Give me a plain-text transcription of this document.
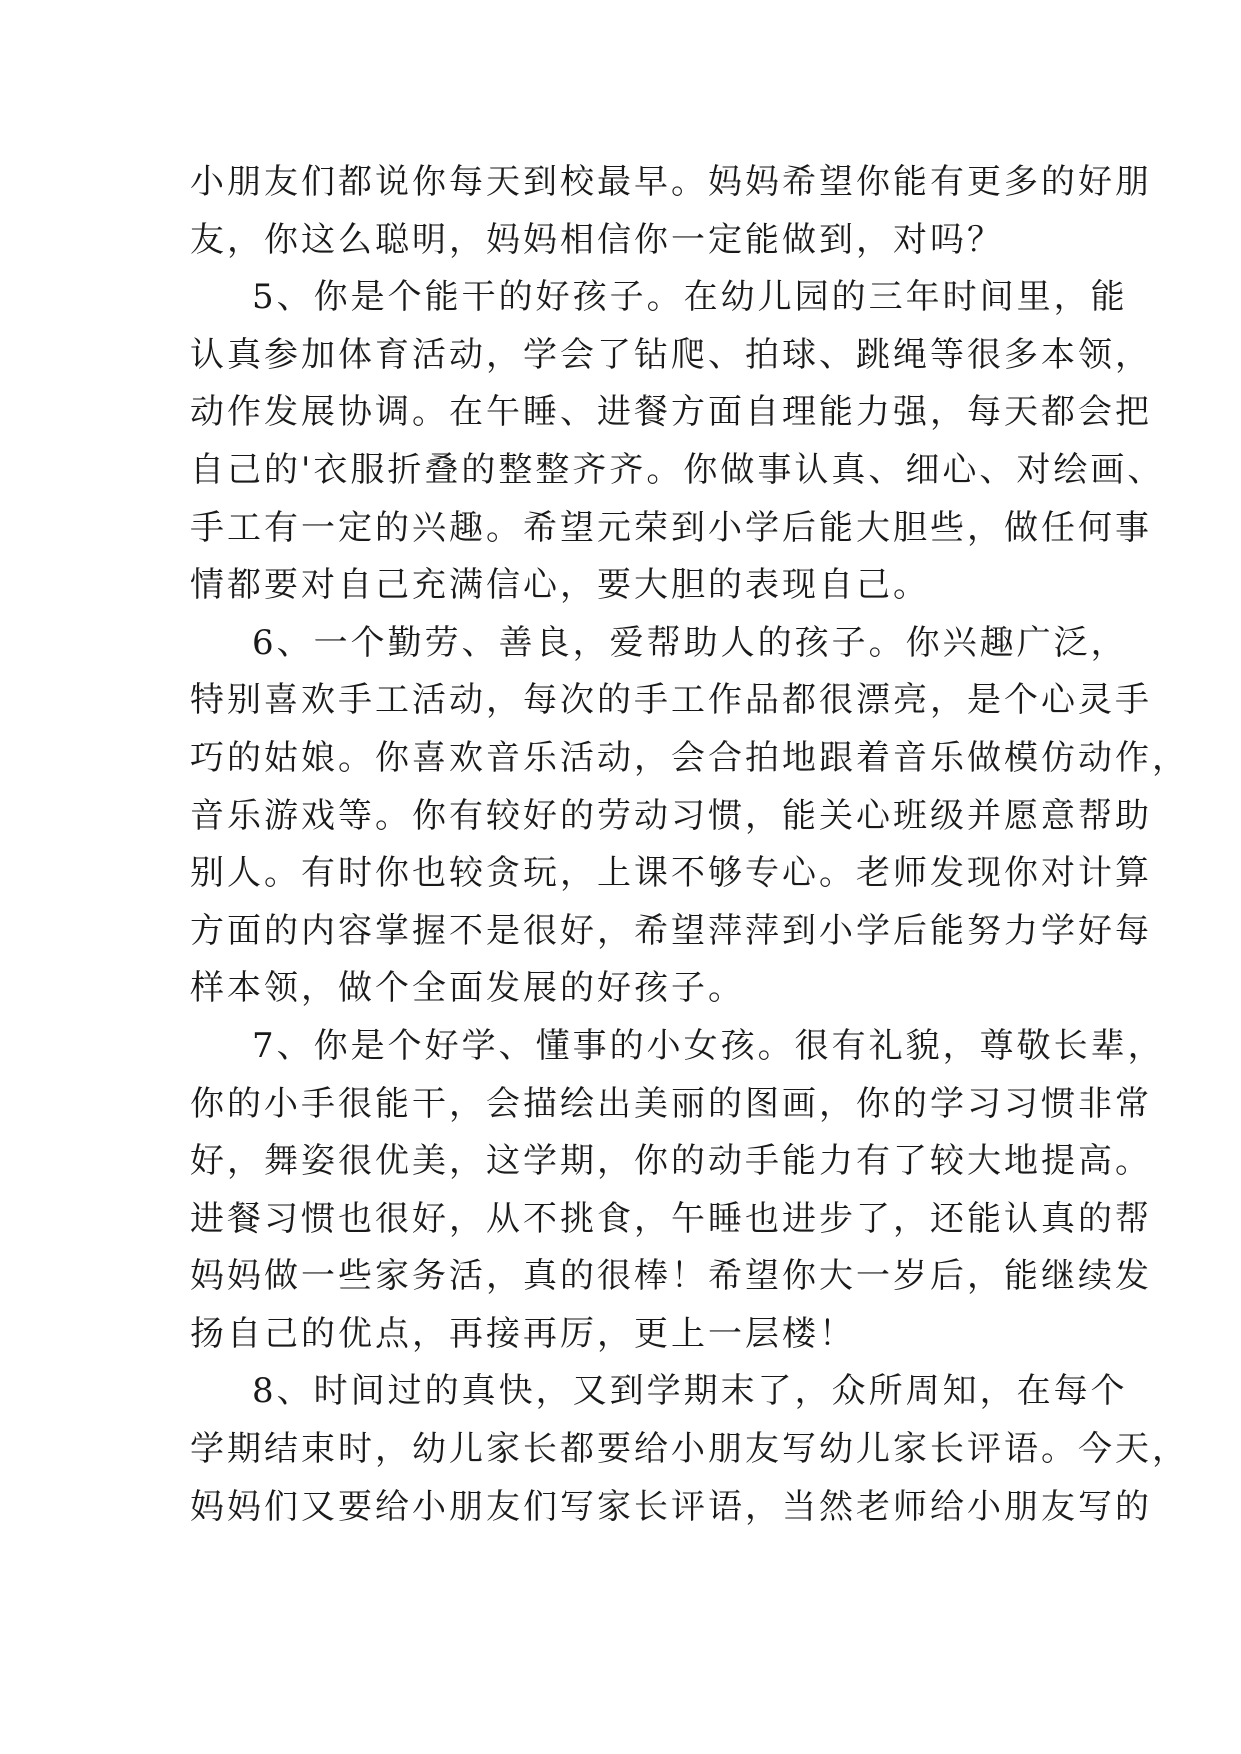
小朋友们都说你每天到校最早。妈妈希望你能有更多的好朋
友，你这么聪明，妈妈相信你一定能做到，对吗？
5、你是个能干的好孩子。在幼儿园的三年时间里，能
认真参加体育活动，学会了钻爬、拍球、跳绳等很多本领，
动作发展协调。在午睡、进餐方面自理能力强，每天都会把
自己的'衣服折叠的整整齐齐。你做事认真、细心、对绘画、
手工有一定的兴趣。希望元荣到小学后能大胆些，做任何事
情都要对自己充满信心，要大胆的表现自己。
6、一个勤劳、善良，爱帮助人的孩子。你兴趣广泛，
特别喜欢手工活动，每次的手工作品都很漂亮，是个心灵手
巧的姑娘。你喜欢音乐活动，会合拍地跟着音乐做模仿动作，
音乐游戏等。你有较好的劳动习惯，能关心班级并愿意帮助
别人。有时你也较贪玩，上课不够专心。老师发现你对计算
方面的内容掌握不是很好，希望萍萍到小学后能努力学好每
样本领，做个全面发展的好孩子。
7、你是个好学、懂事的小女孩。很有礼貌，尊敬长辈，
你的小手很能干，会描绘出美丽的图画，你的学习习惯非常
好，舞姿很优美，这学期，你的动手能力有了较大地提高。
进餐习惯也很好，从不挑食，午睡也进步了，还能认真的帮
妈妈做一些家务活，真的很棒！希望你大一岁后，能继续发
扬自己的优点，再接再厉，更上一层楼！
8、时间过的真快，又到学期末了，众所周知，在每个
学期结束时，幼儿家长都要给小朋友写幼儿家长评语。今天，
妈妈们又要给小朋友们写家长评语，当然老师给小朋友写的
